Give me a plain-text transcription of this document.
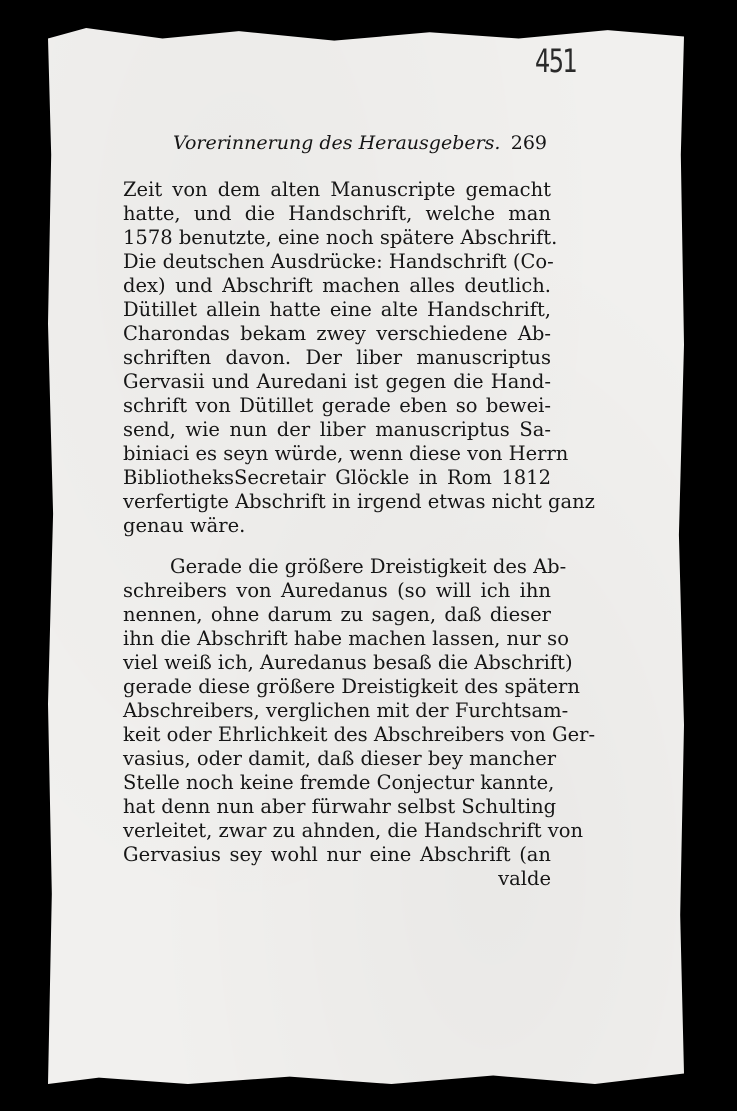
451
Vorerinnerung des Herausgebers. 269
Zeit von dem alten Manuscripte gemacht
hatte, und die Handschrift, welche man
1578 benutzte, eine noch spätere Abschrift.
Die deutschen Ausdrücke: Handschrift (Co-
dex) und Abschrift machen alles deutlich.
Dütillet allein hatte eine alte Handschrift,
Charondas bekam zwey verschiedene Ab-
schriften davon. Der liber manuscriptus
Gervasii und Auredani ist gegen die Hand-
schrift von Dütillet gerade eben so bewei-
send, wie nun der liber manuscriptus Sa-
biniaci es seyn würde, wenn diese von Herrn
BibliotheksSecretair Glöckle in Rom 1812
verfertigte Abschrift in irgend etwas nicht ganz
genau wäre.
Gerade die größere Dreistigkeit des Ab-
schreibers von Auredanus (so will ich ihn
nennen, ohne darum zu sagen, daß dieser
ihn die Abschrift habe machen lassen, nur so
viel weiß ich, Auredanus besaß die Abschrift)
gerade diese größere Dreistigkeit des spätern
Abschreibers, verglichen mit der Furchtsam-
keit oder Ehrlichkeit des Abschreibers von Ger-
vasius, oder damit, daß dieser bey mancher
Stelle noch keine fremde Conjectur kannte,
hat denn nun aber fürwahr selbst Schulting
verleitet, zwar zu ahnden, die Handschrift von
Gervasius sey wohl nur eine Abschrift (an
valde
